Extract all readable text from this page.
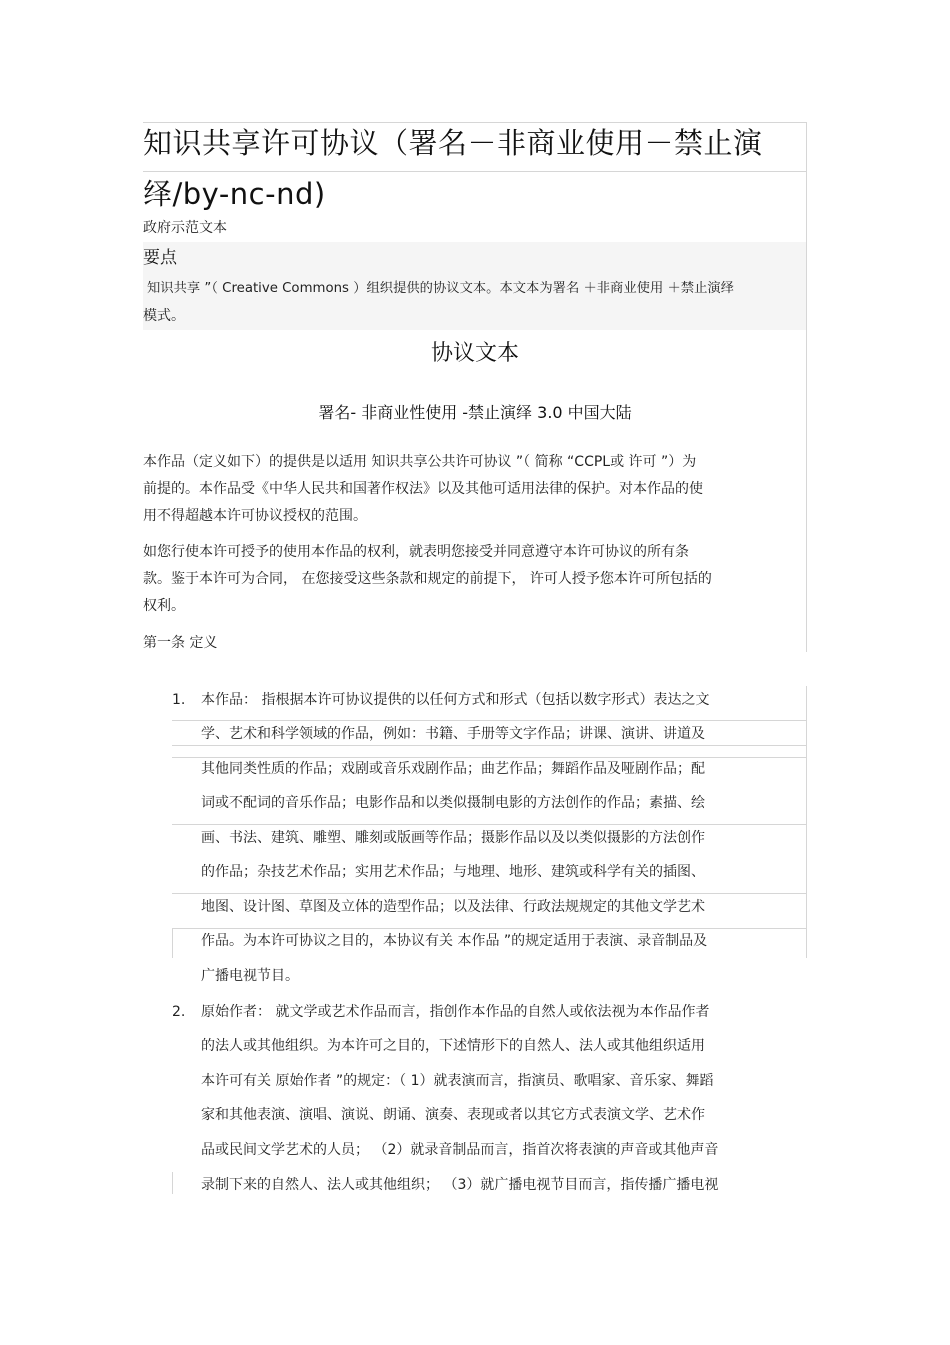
知识共享许可协议（署名－非商业使用－禁止演
绎/by-nc-nd)
政府示范文本
要点
知识共享 ”（ Creative Commons ）组织提供的协议文本。本文本为署名 ＋非商业使用 ＋禁止演绎
模式。
协议文本
署名- 非商业性使用 -禁止演绎 3.0 中国大陆
本作品（定义如下）的提供是以适用 知识共享公共许可协议 ”（ 简称 “CCPL或 许可 ”）为
前提的。本作品受《中华人民共和国著作权法》以及其他可适用法律的保护。对本作品的使
用不得超越本许可协议授权的范围。
如您行使本许可授予的使用本作品的权利，就表明您接受并同意遵守本许可协议的所有条
款。鉴于本许可为合同， 在您接受这些条款和规定的前提下， 许可人授予您本许可所包括的
权利。
第一条 定义
1. 本作品： 指根据本许可协议提供的以任何方式和形式（包括以数字形式）表达之文
学、艺术和科学领域的作品，例如：书籍、手册等文字作品；讲课、演讲、讲道及
其他同类性质的作品；戏剧或音乐戏剧作品；曲艺作品；舞蹈作品及哑剧作品；配
词或不配词的音乐作品；电影作品和以类似摄制电影的方法创作的作品；素描、绘
画、书法、建筑、雕塑、雕刻或版画等作品；摄影作品以及以类似摄影的方法创作
的作品；杂技艺术作品；实用艺术作品；与地理、地形、建筑或科学有关的插图、
地图、设计图、草图及立体的造型作品；以及法律、行政法规规定的其他文学艺术
作品。为本许可协议之目的，本协议有关 本作品 ”的规定适用于表演、录音制品及
广播电视节目。
2. 原始作者： 就文学或艺术作品而言，指创作本作品的自然人或依法视为本作品作者
的法人或其他组织。为本许可之目的，下述情形下的自然人、法人或其他组织适用
本许可有关 原始作者 ”的规定：（ 1）就表演而言，指演员、歌唱家、音乐家、舞蹈
家和其他表演、演唱、演说、朗诵、演奏、表现或者以其它方式表演文学、艺术作
品或民间文学艺术的人员； （2）就录音制品而言，指首次将表演的声音或其他声音
录制下来的自然人、法人或其他组织； （3）就广播电视节目而言，指传播广播电视
